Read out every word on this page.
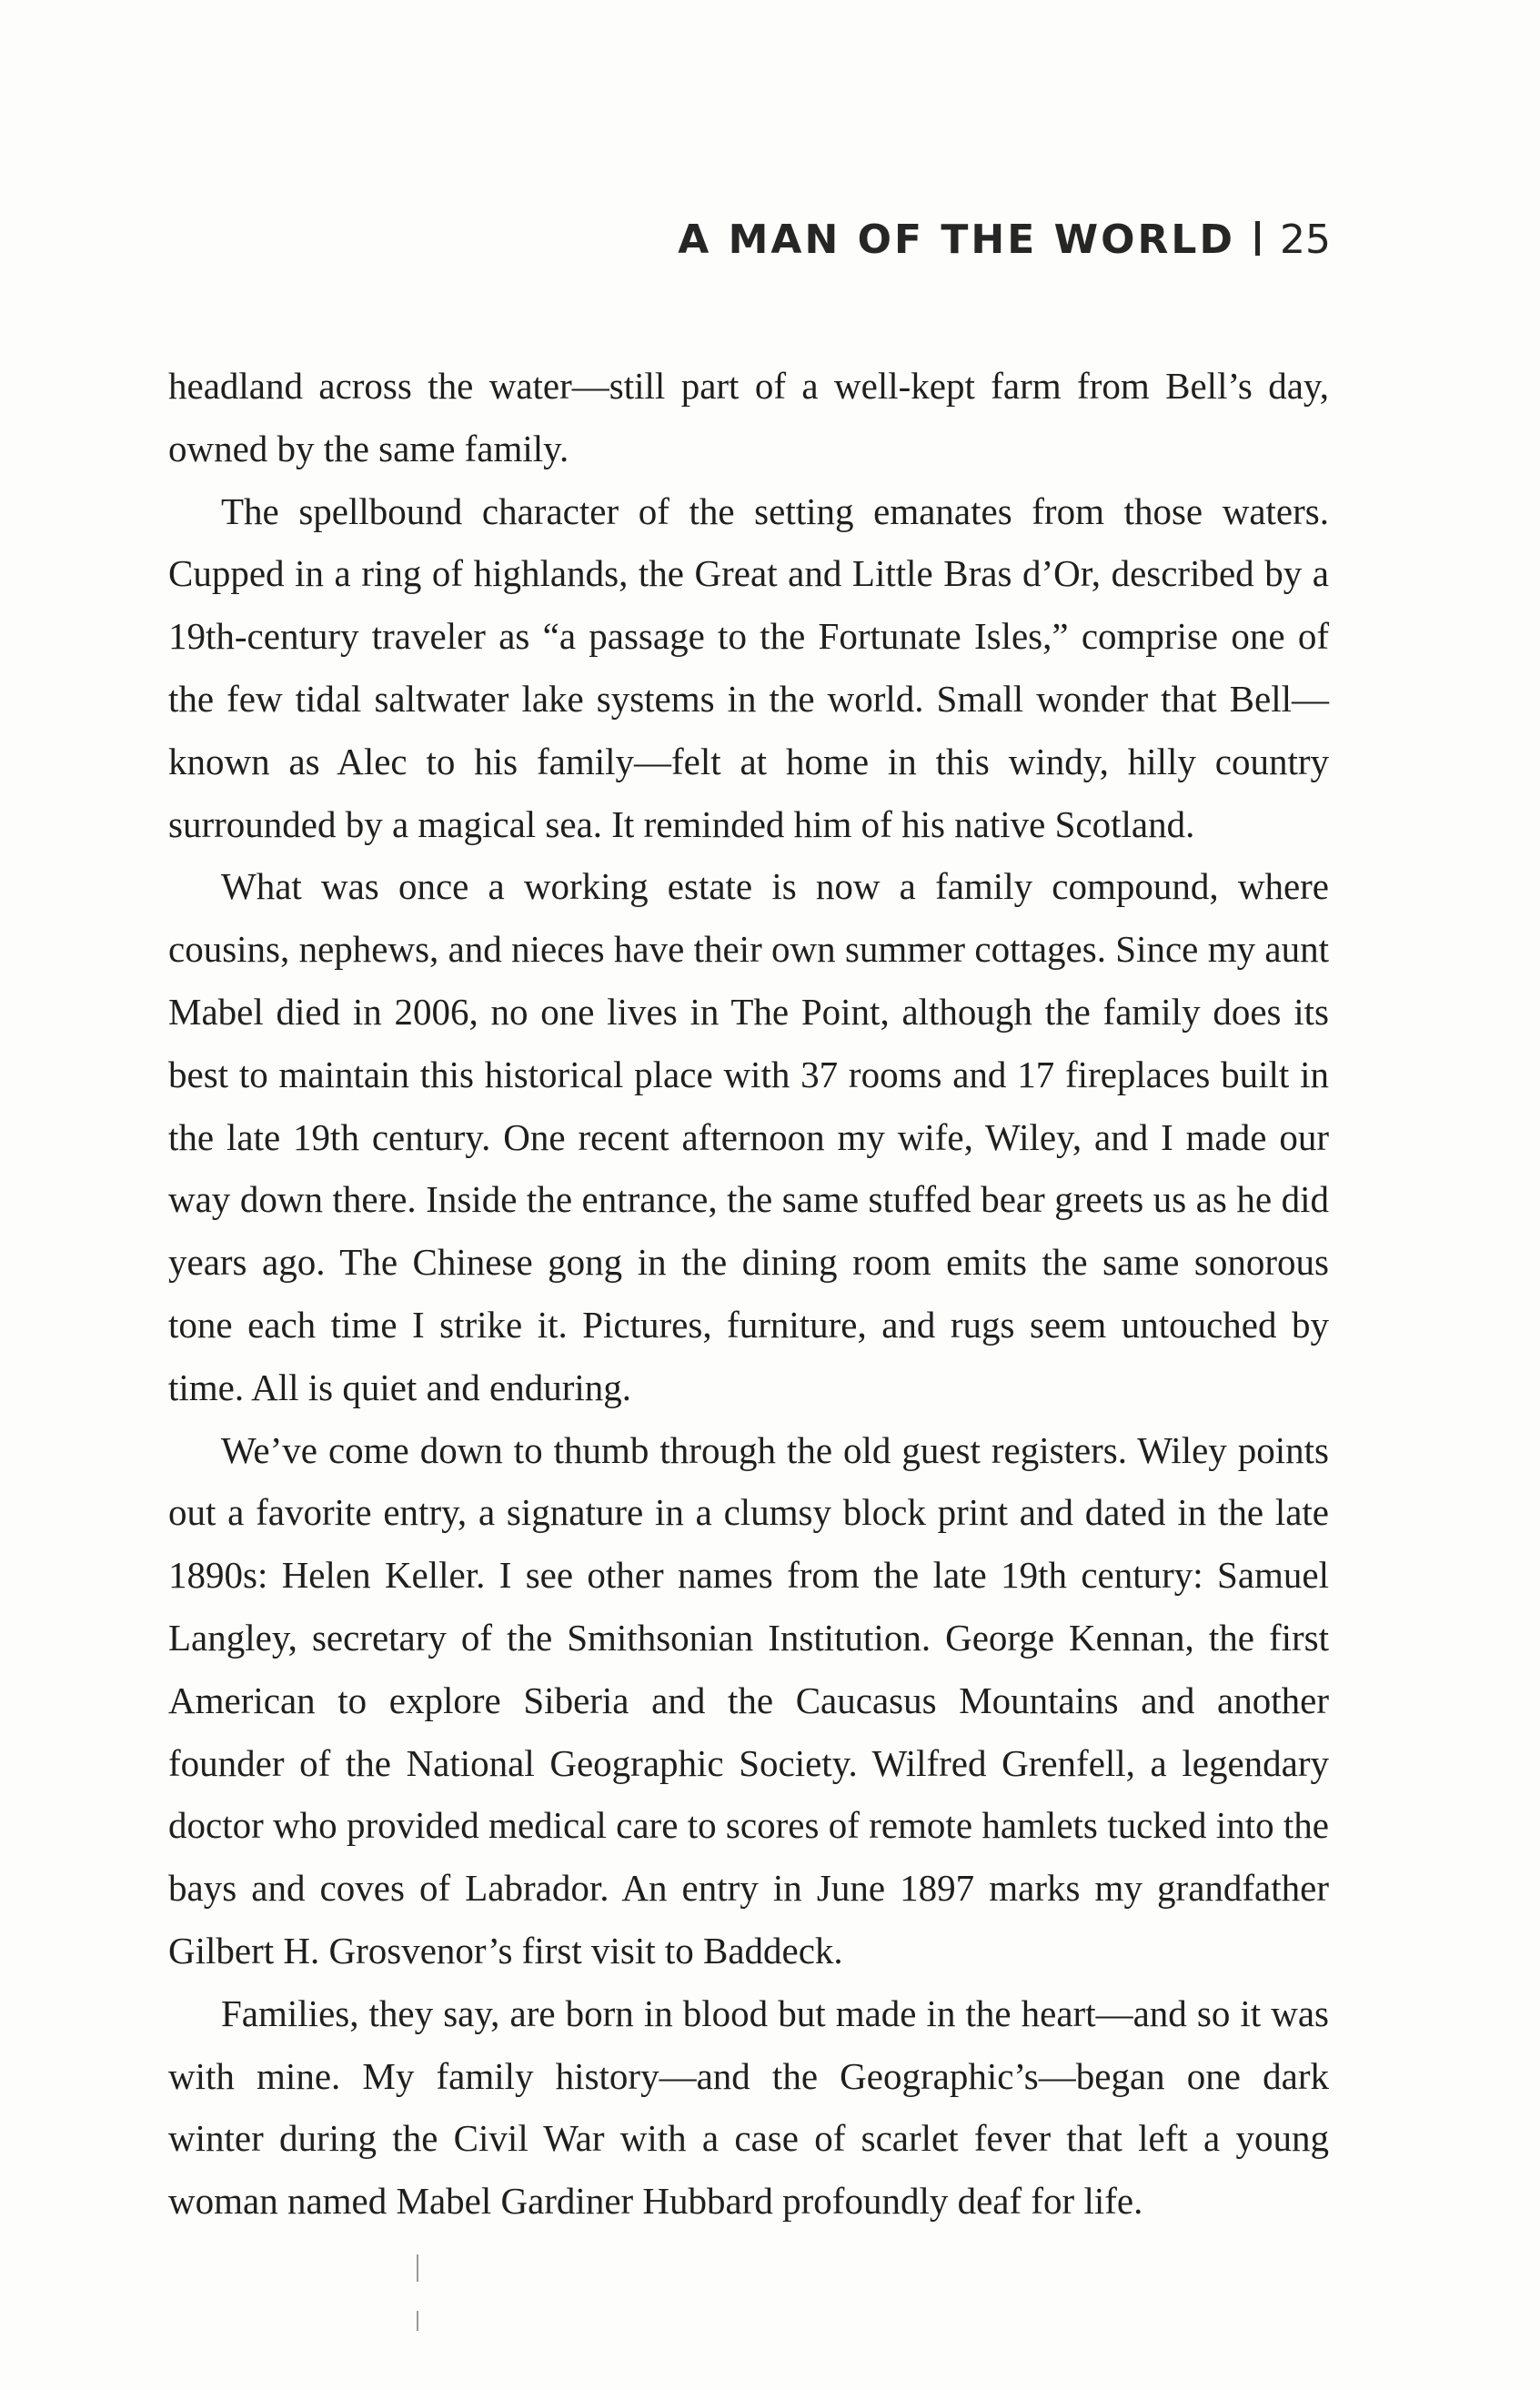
A MAN OF THE WORLD 25

headland across the water—still part of a well-kept farm from Bell’s day, owned by the same family.

The spellbound character of the setting emanates from those waters. Cupped in a ring of highlands, the Great and Little Bras d’Or, described by a 19th-century traveler as “a passage to the Fortunate Isles,” comprise one of the few tidal saltwater lake systems in the world. Small wonder that Bell—known as Alec to his family—felt at home in this windy, hilly country surrounded by a magical sea. It reminded him of his native Scotland.

What was once a working estate is now a family compound, where cousins, nephews, and nieces have their own summer cottages. Since my aunt Mabel died in 2006, no one lives in The Point, although the family does its best to maintain this historical place with 37 rooms and 17 fireplaces built in the late 19th century. One recent afternoon my wife, Wiley, and I made our way down there. Inside the entrance, the same stuffed bear greets us as he did years ago. The Chinese gong in the dining room emits the same sonorous tone each time I strike it. Pictures, furniture, and rugs seem untouched by time. All is quiet and enduring.

We’ve come down to thumb through the old guest registers. Wiley points out a favorite entry, a signature in a clumsy block print and dated in the late 1890s: Helen Keller. I see other names from the late 19th century: Samuel Langley, secretary of the Smithsonian Institution. George Kennan, the first American to explore Siberia and the Caucasus Mountains and another founder of the National Geographic Society. Wilfred Grenfell, a legendary doctor who provided medical care to scores of remote hamlets tucked into the bays and coves of Labrador. An entry in June 1897 marks my grandfather Gilbert H. Grosvenor’s first visit to Baddeck.

Families, they say, are born in blood but made in the heart—and so it was with mine. My family history—and the Geographic’s—began one dark winter during the Civil War with a case of scarlet fever that left a young woman named Mabel Gardiner Hubbard profoundly deaf for life.
